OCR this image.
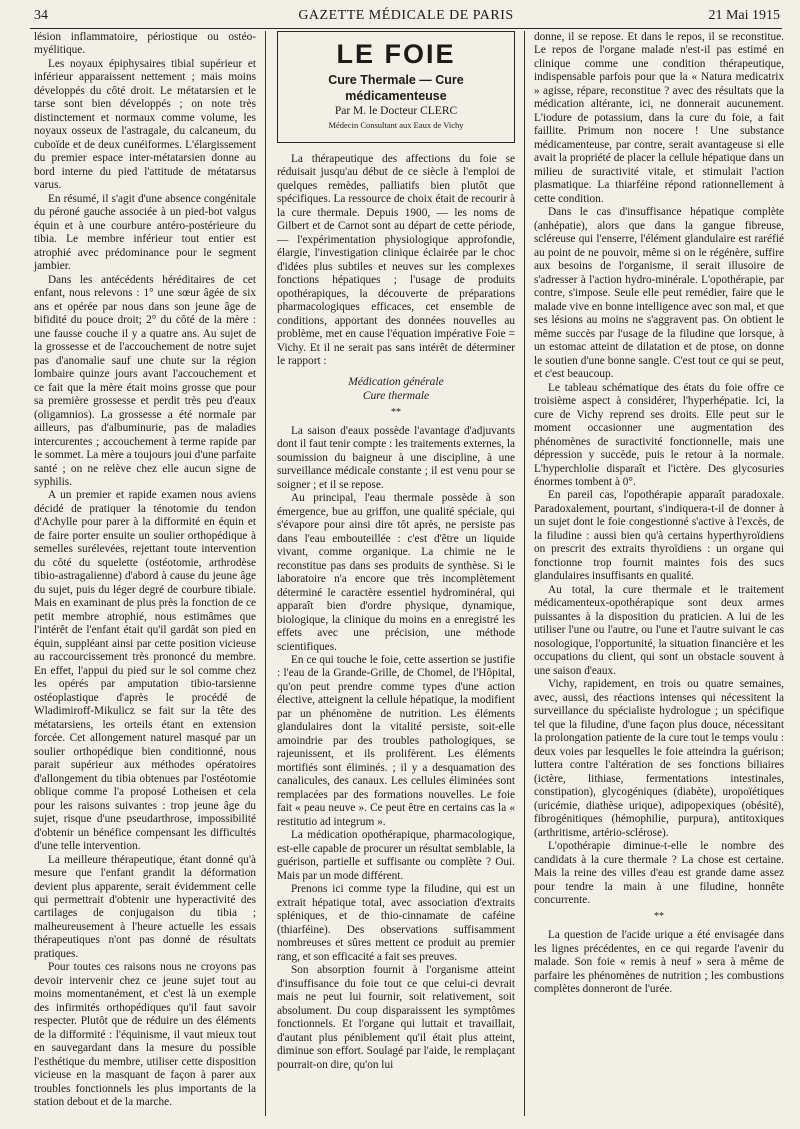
34	GAZETTE MÉDICALE DE PARIS	21 Mai 1915

lésion inflammatoire, périostique ou ostéo-myélitique.

Les noyaux épiphysaires tibial supérieur et inférieur apparaissent nettement ; mais moins développés du côté droit. Le métatarsien et le tarse sont bien développés ; on note très distinctement et normaux comme volume, les noyaux osseux de l'astragale, du calcaneum, du cuboïde et de deux cunéiformes. L'élargissement du premier espace inter-métatarsien donne au bord interne du pied l'attitude de métatarsus varus.

En résumé, il s'agit d'une absence congénitale du péroné gauche associée à un pied-bot valgus équin et à une courbure antéro-postérieure du tibia. Le membre inférieur tout entier est atrophié avec prédominance pour le segment jambier.

Dans les antécédents héréditaires de cet enfant, nous relevons : 1° une sœur âgée de six ans et opérée par nous dans son jeune âge de bifidité du pouce droit; 2° du côté de la mère : une fausse couche il y a quatre ans. Au sujet de la grossesse et de l'accouchement de notre sujet pas d'anomalie sauf une chute sur la région lombaire quinze jours avant l'accouchement et ce fait que la mère était moins grosse que pour sa première grossesse et perdit très peu d'eaux (oligamnios). La grossesse a été normale par ailleurs, pas d'albuminurie, pas de maladies intercurentes ; accouchement à terme rapide par le sommet. La mère a toujours joui d'une parfaite santé ; on ne relève chez elle aucun signe de syphilis.

A un premier et rapide examen nous aviens décidé de pratiquer la ténotomie du tendon d'Achylle pour parer à la difformité en équin et de faire porter ensuite un soulier orthopédique à semelles surélevées, rejettant toute intervention du côté du squelette (ostéotomie, arthrodèse tibio-astragalienne) d'abord à cause du jeune âge du sujet, puis du léger degré de courbure tibiale. Mais en examinant de plus près la fonction de ce petit membre atrophié, nous estimâmes que l'intérêt de l'enfant était qu'il gardât son pied en équin, suppléant ainsi par cette position vicieuse au raccourcissement très prononcé du membre. En effet, l'appui du pied sur le sol comme chez les opérés par amputation tibio-tarsienne ostéoplastique d'après le procédé de Wladimiroff-Mikulicz se fait sur la tête des métatarsiens, les orteils étant en extension forcée. Cet allongement naturel masqué par un soulier orthopédique bien conditionné, nous parait supérieur aux méthodes opératoires d'allongement du tibia obtenues par l'ostéotomie oblique comme l'a proposé Lotheisen et cela pour les raisons suivantes : trop jeune âge du sujet, risque d'une pseudarthrose, impossibilité d'obtenir un bénéfice compensant les difficultés d'une telle intervention.

La meilleure thérapeutique, étant donné qu'à mesure que l'enfant grandit la déformation devient plus apparente, serait évidemment celle qui permettrait d'obtenir une hyperactivité des cartilages de conjugaison du tibia ; malheureusement à l'heure actuelle les essais thérapeutiques n'ont pas donné de résultats pratiques.

Pour toutes ces raisons nous ne croyons pas devoir intervenir chez ce jeune sujet tout au moins momentanément, et c'est là un exemple des infirmités orthopédiques qu'il faut savoir respecter. Plutôt que de réduire un des éléments de la difformité : l'équinisme, il vaut mieux tout en sauvegardant dans la mesure du possible l'esthétique du membre, utiliser cette disposition vicieuse en la masquant de façon à parer aux troubles fonctionnels les plus importants de la station debout et de la marche.

LE FOIE
Cure Thermale — Cure médicamenteuse
Par M. le Docteur CLERC
Médecin Consultant aux Eaux de Vichy

La thérapeutique des affections du foie se réduisait jusqu'au début de ce siècle à l'emploi de quelques remèdes, palliatifs bien plutôt que spécifiques. La ressource de choix était de recourir à la cure thermale. Depuis 1900, — les noms de Gilbert et de Carnot sont au départ de cette période, — l'expérimentation physiologique approfondie, élargie, l'investigation clinique éclairée par le choc d'idées plus subtiles et neuves sur les complexes fonctions hépatiques ; l'usage de produits opothérapiques, la découverte de préparations pharmacologiques efficaces, cet ensemble de conditions, apportant des données nouvelles au problème, met en cause l'équation impérative Foie = Vichy. Et il ne serait pas sans intérêt de déterminer le rapport :

Médication générale
Cure thermale
**

La saison d'eaux possède l'avantage d'adjuvants dont il faut tenir compte : les traitements externes, la soumission du baigneur à une discipline, à une surveillance médicale constante ; il est venu pour se soigner ; et il se repose.

Au principal, l'eau thermale possède à son émergence, bue au griffon, une qualité spéciale, qui s'évapore pour ainsi dire tôt après, ne persiste pas dans l'eau embouteillée : c'est d'être un liquide vivant, comme organique. La chimie ne le reconstitue pas dans ses produits de synthèse. Si le laboratoire n'a encore que très incomplètement déterminé le caractère essentiel hydrominéral, qui apparaît bien d'ordre physique, dynamique, biologique, la clinique du moins en a enregistré les effets avec une précision, une méthode scientifiques.

En ce qui touche le foie, cette assertion se justifie : l'eau de la Grande-Grille, de Chomel, de l'Hôpital, qu'on peut prendre comme types d'une action élective, atteignent la cellule hépatique, la modifient par un phénomène de nutrition. Les éléments glandulaires dont la vitalité persiste, soit-elle amoindrie par des troubles pathologiques, se rajeunissent, et ils prolifèrent. Les éléments mortifiés sont éliminés. ; il y a desquamation des canalicules, des canaux. Les cellules éliminées sont remplacées par des formations nouvelles. Le foie fait « peau neuve ». Ce peut être en certains cas la « restitutio ad integrum ».

La médication opothérapique, pharmacologique, est-elle capable de procurer un résultat semblable, la guérison, partielle et suffisante ou complète ? Oui. Mais par un mode différent.

Prenons ici comme type la filudine, qui est un extrait hépatique total, avec association d'extraits spléniques, et de thio-cinnamate de caféine (thiarféine). Des observations suffisamment nombreuses et sûres mettent ce produit au premier rang, et son efficacité a fait ses preuves.

Son absorption fournit à l'organisme atteint d'insuffisance du foie tout ce que celui-ci devrait mais ne peut lui fournir, soit relativement, soit absolument. Du coup disparaissent les symptômes fonctionnels. Et l'organe qui luttait et travaillait, d'autant plus péniblement qu'il était plus atteint, diminue son effort. Soulagé par l'aide, le remplaçant pourrait-on dire, qu'on lui

donne, il se repose. Et dans le repos, il se reconstitue. Le repos de l'organe malade n'est-il pas estimé en clinique comme une condition thérapeutique, indispensable parfois pour que la « Natura medicatrix » agisse, répare, reconstitue ? avec des résultats que la médication altérante, ici, ne donnerait aucunement. L'iodure de potassium, dans la cure du foie, a fait faillite. Primum non nocere ! Une substance médicamenteuse, par contre, serait avantageuse si elle avait la propriété de placer la cellule hépatique dans un milieu de suractivité vitale, et stimulait l'action plasmatique. La thiarféine répond rationnellement à cette condition.

Dans le cas d'insuffisance hépatique complète (anhépatie), alors que dans la gangue fibreuse, scléreuse qui l'enserre, l'élément glandulaire est raréfié au point de ne pouvoir, même si on le régénère, suffire aux besoins de l'organisme, il serait illusoire de s'adresser à l'action hydro-minérale. L'opothérapie, par contre, s'impose. Seule elle peut remédier, faire que le malade vive en bonne intelligence avec son mal, et que ses lésions au moins ne s'aggravent pas. On obtient le même succès par l'usage de la filudine que lorsque, à un estomac atteint de dilatation et de ptose, on donne le soutien d'une bonne sangle. C'est tout ce qui se peut, et c'est beaucoup.

Le tableau schématique des états du foie offre ce troisième aspect à considérer, l'hyperhépatie. Ici, la cure de Vichy reprend ses droits. Elle peut sur le moment occasionner une augmentation des phénomènes de suractivité fonctionnelle, mais une dépression y succède, puis le retour à la normale. L'hyperchlolie disparaît et l'ictère. Des glycosuries énormes tombent à 0°.

En pareil cas, l'opothérapie apparaît paradoxale. Paradoxalement, pourtant, s'indiquera-t-il de donner à un sujet dont le foie congestionné s'active à l'excès, de la filudine : aussi bien qu'à certains hyperthyroïdiens on prescrit des extraits thyroïdiens : un organe qui fonctionne trop fournit maintes fois des sucs glandulaires insuffisants en qualité.

Au total, la cure thermale et le traitement médicamenteux-opothérapique sont deux armes puissantes à la disposition du praticien. A lui de les utiliser l'une ou l'autre, ou l'une et l'autre suivant le cas nosologique, l'opportunité, la situation financière et les occupations du client, qui sont un obstacle souvent à une saison d'eaux.

Vichy, rapidement, en trois ou quatre semaines, avec, aussi, des réactions intenses qui nécessitent la surveillance du spécialiste hydrologue ; un spécifique tel que la filudine, d'une façon plus douce, nécessitant la prolongation patiente de la cure tout le temps voulu : deux voies par lesquelles le foie atteindra la guérison; luttera contre l'altération de ses fonctions biliaires (ictère, lithiase, fermentations intestinales, constipation), glycogéniques (diabète), uropoïétiques (uricémie, diathèse urique), adipopexiques (obésité), fibrogénitiques (hémophilie, purpura), antitoxiques (arthritisme, artério-sclérose).

L'opothérapie diminue-t-elle le nombre des candidats à la cure thermale ? La chose est certaine. Mais la reine des villes d'eau est grande dame assez pour tendre la main à une filudine, honnête concurrente.

**

La question de l'acide urique a été envisagée dans les lignes précédentes, en ce qui regarde l'avenir du malade. Son foie « remis à neuf » sera à même de parfaire les phénomènes de nutrition ; les combustions complètes donneront de l'urée.
